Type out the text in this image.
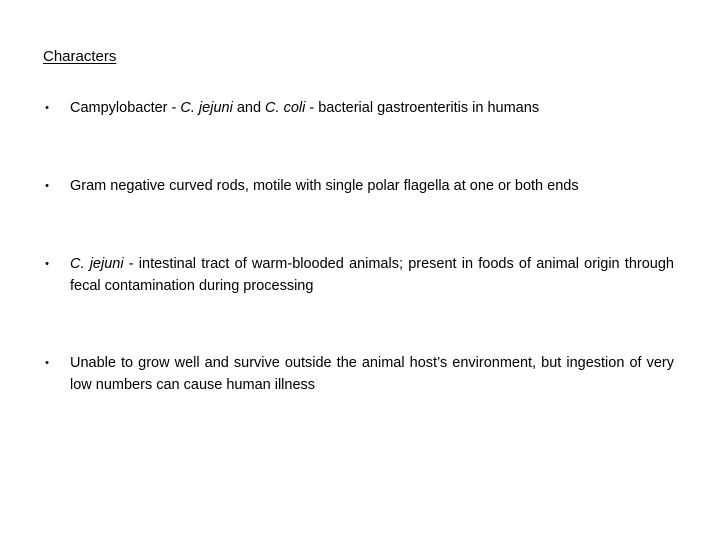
Characters
•	Campylobacter - C. jejuni and C. coli - bacterial gastroenteritis in humans
•	Gram negative curved rods, motile with single polar flagella at one or both ends
•	C. jejuni - intestinal tract of warm-blooded animals; present in foods of animal origin through fecal contamination during processing
•	Unable to grow well and survive outside the animal host’s environment, but ingestion of very low numbers can cause human illness
